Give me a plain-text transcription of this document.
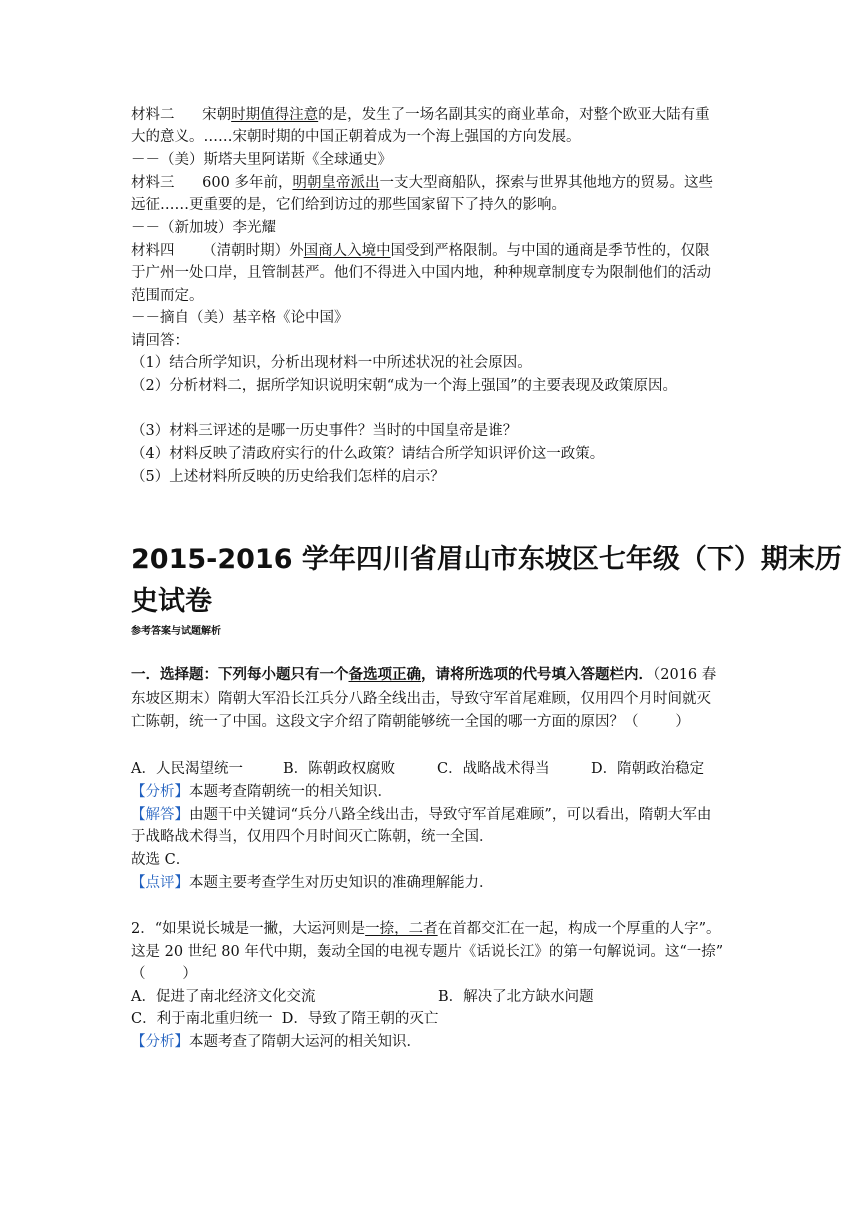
材料二 宋朝时期值得注意的是，发生了一场名副其实的商业革命，对整个欧亚大陆有重
大的意义。……宋朝时期的中国正朝着成为一个海上强国的方向发展。
－－（美）斯塔夫里阿诺斯《全球通史》
材料三 600 多年前，明朝皇帝派出一支大型商船队，探索与世界其他地方的贸易。这些
远征……更重要的是，它们给到访过的那些国家留下了持久的影响。
－－（新加坡）李光耀
材料四 （清朝时期）外国商人入境中国受到严格限制。与中国的通商是季节性的，仅限
于广州一处口岸，且管制甚严。他们不得进入中国内地，种种规章制度专为限制他们的活动
范围而定。
－－摘自（美）基辛格《论中国》
请回答：
（1）结合所学知识，分析出现材料一中所述状况的社会原因。
（2）分析材料二，据所学知识说明宋朝“成为一个海上强国”的主要表现及政策原因。
（3）材料三评述的是哪一历史事件？当时的中国皇帝是谁？
（4）材料反映了清政府实行的什么政策？请结合所学知识评价这一政策。
（5）上述材料所反映的历史给我们怎样的启示？
2015-2016 学年四川省眉山市东坡区七年级（下）期末历
史试卷
参考答案与试题解析
一．选择题：下列每小题只有一个备选项正确，请将所选项的代号填入答题栏内．（2016 春
东坡区期末）隋朝大军沿长江兵分八路全线出击，导致守军首尾难顾，仅用四个月时间就灭
亡陈朝，统一了中国。这段文字介绍了隋朝能够统一全国的哪一方面的原因？（        ）
A．人民渴望统一	B．陈朝政权腐败	C．战略战术得当	D．隋朝政治稳定
【分析】本题考查隋朝统一的相关知识．
【解答】由题干中关键词“兵分八路全线出击，导致守军首尾难顾”，可以看出，隋朝大军由
于战略战术得当，仅用四个月时间灭亡陈朝，统一全国．
故选 C．
【点评】本题主要考查学生对历史知识的准确理解能力．
2．“如果说长城是一撇，大运河则是一捺，二者在首都交汇在一起，构成一个厚重的人字”。
这是 20 世纪 80 年代中期，轰动全国的电视专题片《话说长江》的第一句解说词。这“一捺”
（        ）
A．促进了南北经济文化交流	B．解决了北方缺水问题
C．利于南北重归统一  D．导致了隋王朝的灭亡
【分析】本题考查了隋朝大运河的相关知识．
